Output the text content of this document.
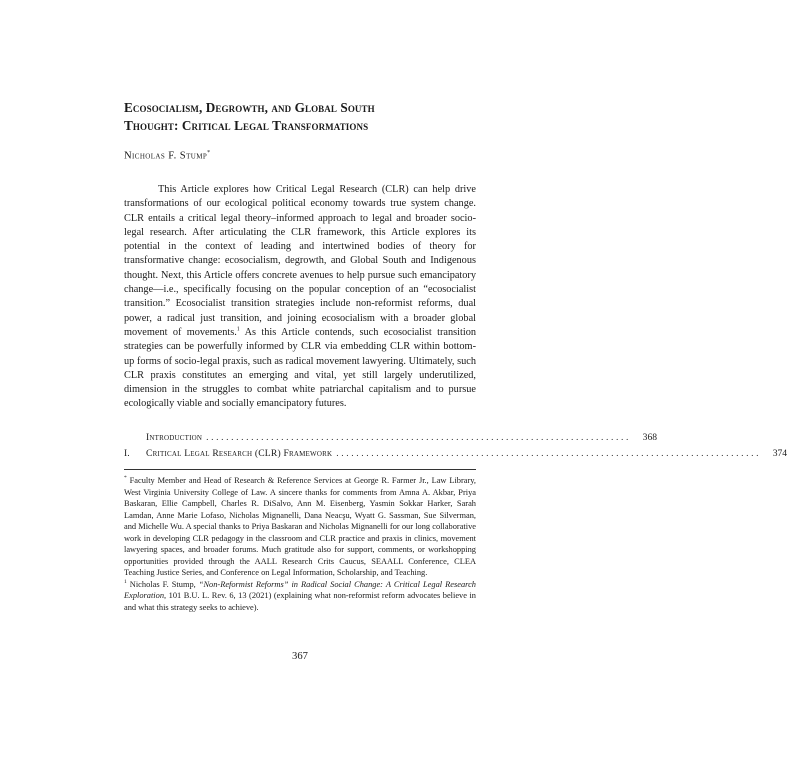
Ecosocialism, Degrowth, and Global South
Thought: Critical Legal Transformations
Nicholas F. Stump*

This Article explores how Critical Legal Research (CLR) can help drive transformations of our ecological political economy towards true system change. CLR entails a critical legal theory–informed approach to legal and broader socio-legal research. After articulating the CLR framework, this Article explores its potential in the context of leading and intertwined bodies of theory for transformative change: ecosocialism, degrowth, and Global South and Indigenous thought. Next, this Article offers concrete avenues to help pursue such emancipatory change—i.e., specifically focusing on the popular conception of an “ecosocialist transition.” Ecosocialist transition strategies include non-reformist reforms, dual power, a radical just transition, and joining ecosocialism with a broader global movement of movements.$^1$ As this Article contends, such ecosocialist transition strategies can be powerfully informed by CLR via embedding CLR within bottom-up forms of socio-legal praxis, such as radical movement lawyering. Ultimately, such CLR praxis constitutes an emerging and vital, yet still largely underutilized, dimension in the struggles to combat white patriarchal capitalism and to pursue ecologically viable and socially emancipatory futures.

Introduction .....................................................................................	368
I.	Critical Legal Research (CLR) Framework .....................................................................................	374

* Faculty Member and Head of Research & Reference Services at George R. Farmer Jr., Law Library, West Virginia University College of Law. A sincere thanks for comments from Amna A. Akbar, Priya Baskaran, Ellie Campbell, Charles R. DiSalvo, Ann M. Eisenberg, Yasmin Sokkar Harker, Sarah Lamdan, Anne Marie Lofaso, Nicholas Mignanelli, Dana Neacşu, Wyatt G. Sassman, Sue Silverman, and Michelle Wu. A special thanks to Priya Baskaran and Nicholas Mignanelli for our long collaborative work in developing CLR pedagogy in the classroom and CLR practice and praxis in clinics, movement lawyering spaces, and broader forums. Much gratitude also for support, comments, or workshopping opportunities provided through the AALL Research Crits Caucus, SEAALL Conference, CLEA Teaching Justice Series, and Conference on Legal Information, Scholarship, and Teaching.

$^1$ Nicholas F. Stump, “Non-Reformist Reforms” in Radical Social Change: A Critical Legal Research Exploration, 101 B.U. L. Rev. 6, 13 (2021) (explaining what non-reformist reform advocates believe in and what this strategy seeks to achieve).

367
